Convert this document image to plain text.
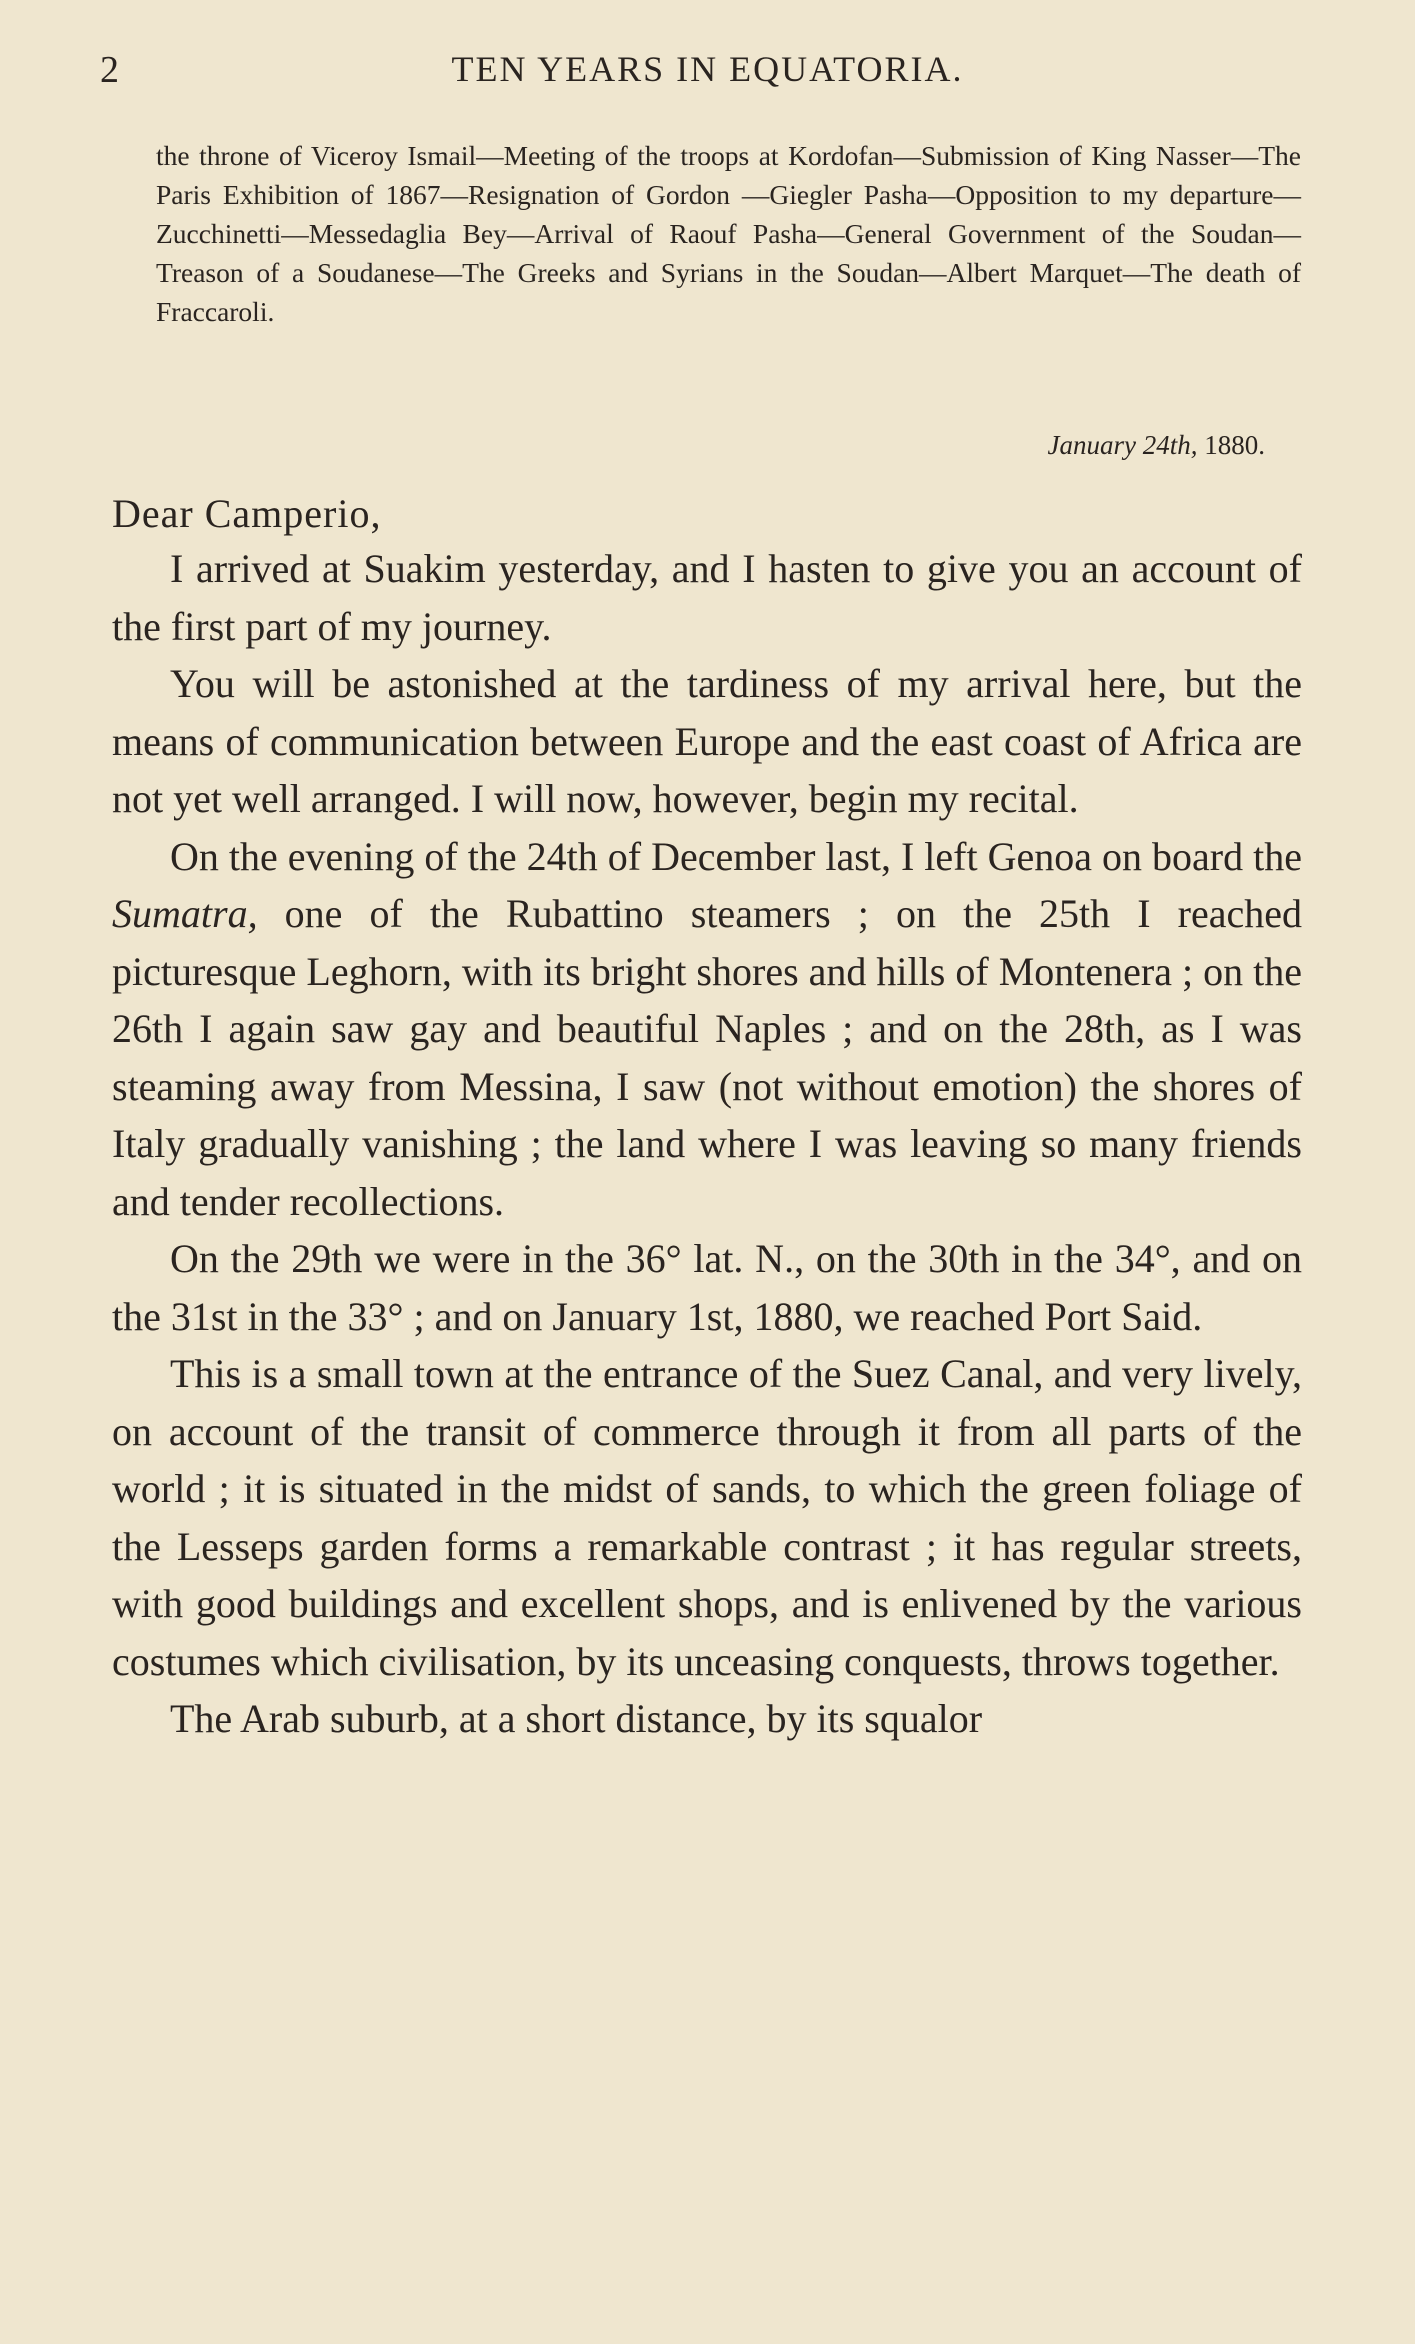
2	TEN YEARS IN EQUATORIA.
the throne of Viceroy Ismail—Meeting of the troops at Kordofan—Submission of King Nasser—The Paris Exhibition of 1867—Resignation of Gordon —Giegler Pasha—Opposition to my departure—Zucchinetti—Messedaglia Bey—Arrival of Raouf Pasha—General Government of the Soudan—Treason of a Soudanese—The Greeks and Syrians in the Soudan—Albert Marquet—The death of Fraccaroli.
January 24th, 1880.
Dear Camperio,

I arrived at Suakim yesterday, and I hasten to give you an account of the first part of my journey.

You will be astonished at the tardiness of my arrival here, but the means of communication between Europe and the east coast of Africa are not yet well arranged. I will now, however, begin my recital.

On the evening of the 24th of December last, I left Genoa on board the Sumatra, one of the Rubattino steamers ; on the 25th I reached picturesque Leghorn, with its bright shores and hills of Montenera ; on the 26th I again saw gay and beautiful Naples ; and on the 28th, as I was steaming away from Messina, I saw (not without emotion) the shores of Italy gradually vanishing ; the land where I was leaving so many friends and tender recollections.

On the 29th we were in the 36° lat. N., on the 30th in the 34°, and on the 31st in the 33° ; and on January 1st, 1880, we reached Port Said.

This is a small town at the entrance of the Suez Canal, and very lively, on account of the transit of commerce through it from all parts of the world ; it is situated in the midst of sands, to which the green foliage of the Lesseps garden forms a remarkable contrast ; it has regular streets, with good buildings and excellent shops, and is enlivened by the various costumes which civilisation, by its unceasing conquests, throws together.

The Arab suburb, at a short distance, by its squalor
